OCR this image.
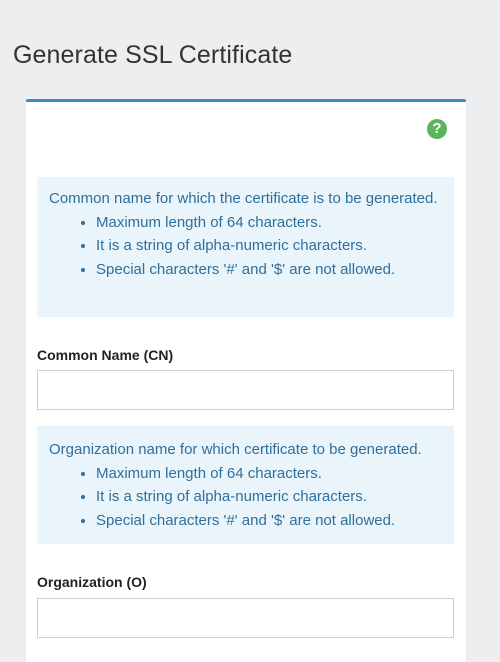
Generate SSL Certificate
?

Common name for which the certificate is to be generated.

• Maximum length of 64 characters.
• It is a string of alpha-numeric characters.
• Special characters '#' and '$' are not allowed.
Common Name (CN)

Organization name for which certificate to be generated.

• Maximum length of 64 characters.
• It is a string of alpha-numeric characters.
• Special characters '#' and '$' are not allowed.
Organization (O)
